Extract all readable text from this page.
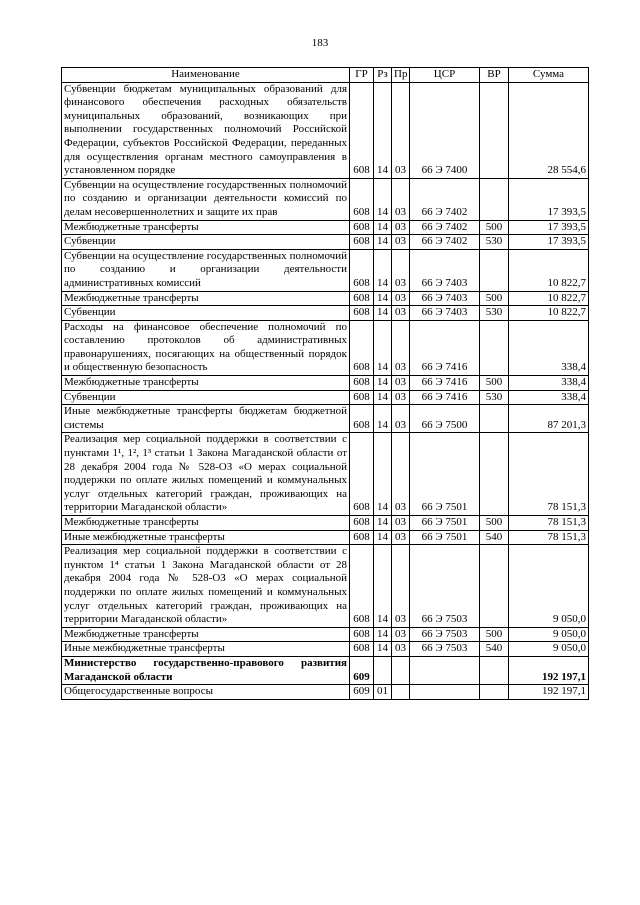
183
Наименование	ГР	Рз	Пр	ЦСР	ВР	Сумма
Субвенции бюджетам муниципальных образований для финансового обеспечения расходных обязательств муниципальных образований, возникающих при выполнении государственных полномочий Российской Федерации, субъектов Российской Федерации, переданных для осуществления органам местного самоуправления в установленном порядке	608	14	03	66 Э 7400		28 554,6
Субвенции на осуществление государственных полномочий по созданию и организации деятельности комиссий по делам несовершеннолетних и защите их прав	608	14	03	66 Э 7402		17 393,5
Межбюджетные трансферты	608	14	03	66 Э 7402	500	17 393,5
Субвенции	608	14	03	66 Э 7402	530	17 393,5
Субвенции на осуществление государственных полномочий по созданию и организации деятельности административных комиссий	608	14	03	66 Э 7403		10 822,7
Межбюджетные трансферты	608	14	03	66 Э 7403	500	10 822,7
Субвенции	608	14	03	66 Э 7403	530	10 822,7
Расходы на финансовое обеспечение полномочий по составлению протоколов об административных правонарушениях, посягающих на общественный порядок и общественную безопасность	608	14	03	66 Э 7416		338,4
Межбюджетные трансферты	608	14	03	66 Э 7416	500	338,4
Субвенции	608	14	03	66 Э 7416	530	338,4
Иные межбюджетные трансферты бюджетам бюджетной системы	608	14	03	66 Э 7500		87 201,3
Реализация мер социальной поддержки в соответствии с пунктами 1¹, 1², 1³ статьи 1 Закона Магаданской области от 28 декабря 2004 года № 528-ОЗ «О мерах социальной поддержки по оплате жилых помещений и коммунальных услуг отдельных категорий граждан, проживающих на территории Магаданской области»	608	14	03	66 Э 7501		78 151,3
Межбюджетные трансферты	608	14	03	66 Э 7501	500	78 151,3
Иные межбюджетные трансферты	608	14	03	66 Э 7501	540	78 151,3
Реализация мер социальной поддержки в соответствии с пунктом 1⁴ статьи 1 Закона Магаданской области от 28 декабря 2004 года № 528-ОЗ «О мерах социальной поддержки по оплате жилых помещений и коммунальных услуг отдельных категорий граждан, проживающих на территории Магаданской области»	608	14	03	66 Э 7503		9 050,0
Межбюджетные трансферты	608	14	03	66 Э 7503	500	9 050,0
Иные межбюджетные трансферты	608	14	03	66 Э 7503	540	9 050,0
Министерство государственно-правового развития Магаданской области	609					192 197,1
Общегосударственные вопросы	609	01				192 197,1
